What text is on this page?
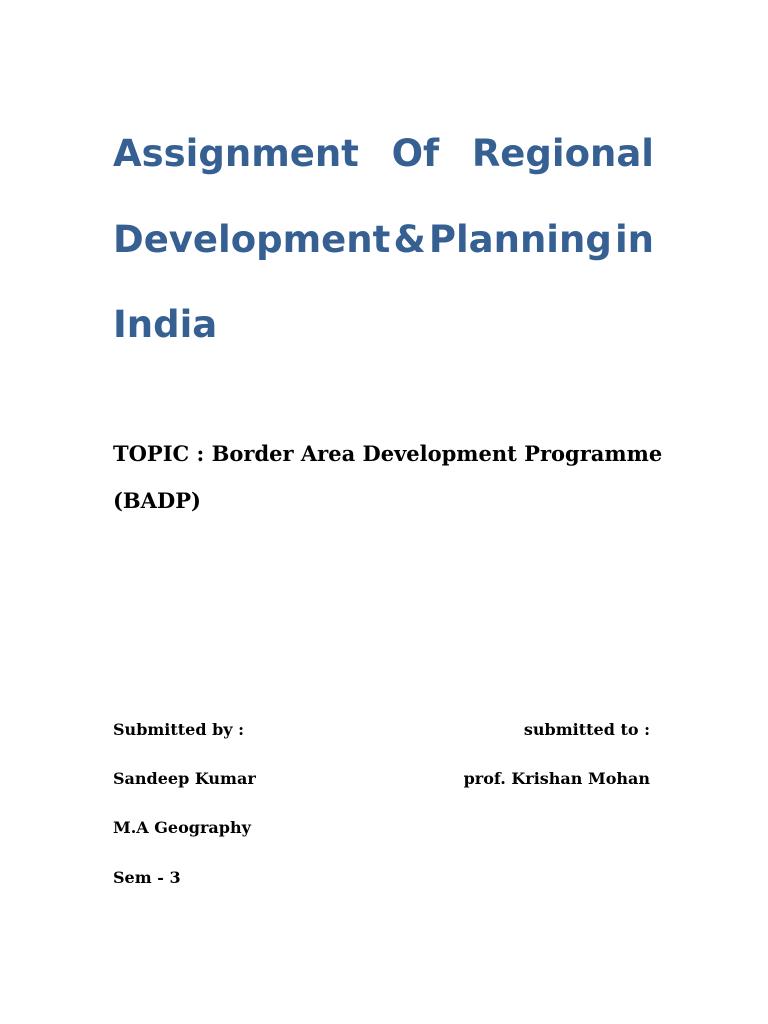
Assignment Of Regional
Development & Planning in
India
TOPIC : Border Area Development Programme
(BADP)
Submitted by :	submitted to :
Sandeep Kumar	prof. Krishan Mohan
M.A Geography
Sem - 3
